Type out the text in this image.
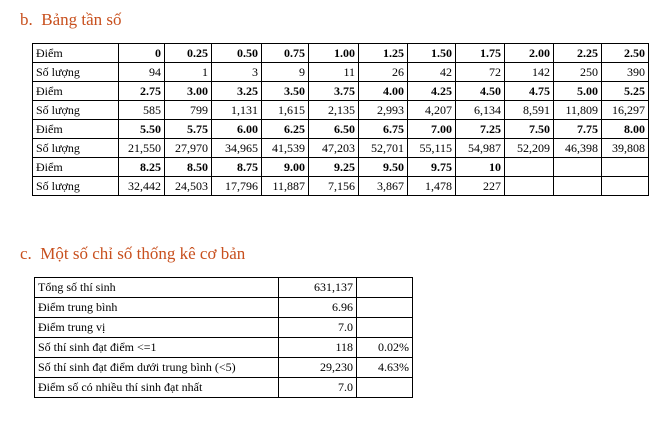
b.  Bảng tần số
Điểm	0	0.25	0.50	0.75	1.00	1.25	1.50	1.75	2.00	2.25	2.50
Số lượng	94	1	3	9	11	26	42	72	142	250	390
Điểm	2.75	3.00	3.25	3.50	3.75	4.00	4.25	4.50	4.75	5.00	5.25
Số lượng	585	799	1,131	1,615	2,135	2,993	4,207	6,134	8,591	11,809	16,297
Điểm	5.50	5.75	6.00	6.25	6.50	6.75	7.00	7.25	7.50	7.75	8.00
Số lượng	21,550	27,970	34,965	41,539	47,203	52,701	55,115	54,987	52,209	46,398	39,808
Điểm	8.25	8.50	8.75	9.00	9.25	9.50	9.75	10			
Số lượng	32,442	24,503	17,796	11,887	7,156	3,867	1,478	227			
c.  Một số chỉ số thống kê cơ bản
Tổng số thí sinh	631,137	
Điểm trung bình	6.96	
Điểm trung vị	7.0	
Số thí sinh đạt điểm <=1	118	0.02%
Số thí sinh đạt điểm dưới trung bình (<5)	29,230	4.63%
Điểm số có nhiều thí sinh đạt nhất	7.0	
